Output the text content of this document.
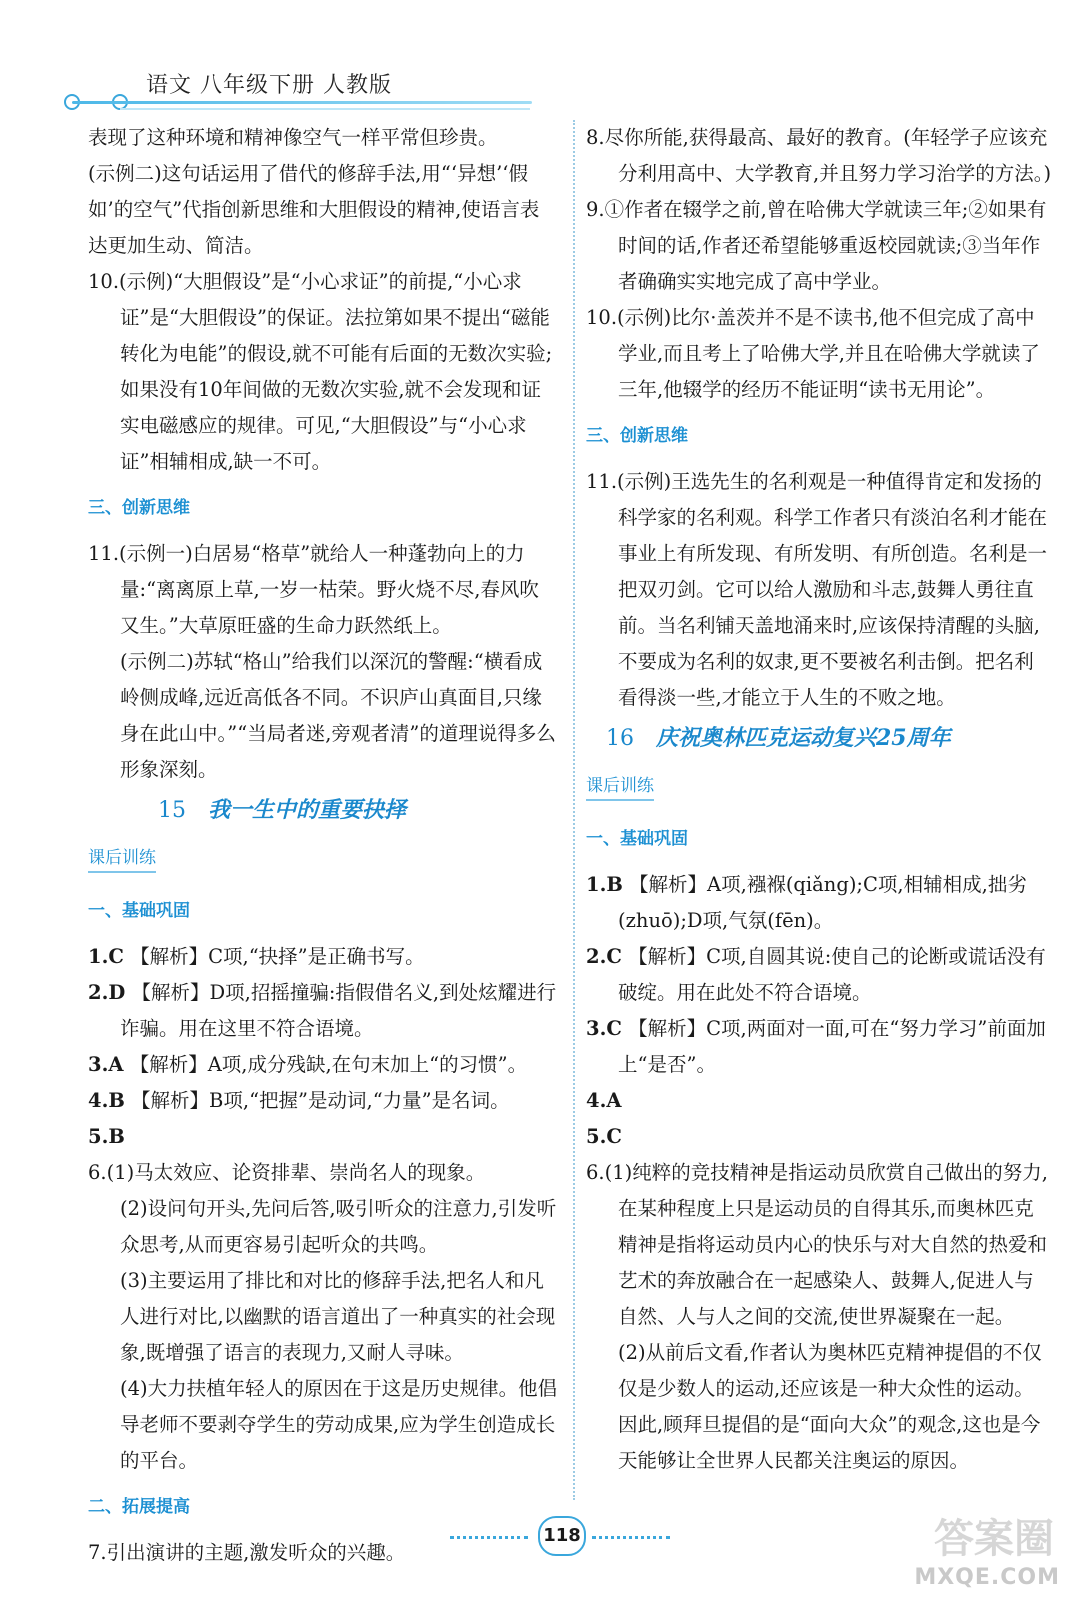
语文 八年级下册 人教版

表现了这种环境和精神像空气一样平常但珍贵。

(示例二)这句话运用了借代的修辞手法,用“‘异想’‘假如’的空气”代指创新思维和大胆假设的精神,使语言表达更加生动、简洁。

10.(示例)“大胆假设”是“小心求证”的前提,“小心求证”是“大胆假设”的保证。法拉第如果不提出“磁能转化为电能”的假设,就不可能有后面的无数次实验;如果没有10年间做的无数次实验,就不会发现和证实电磁感应的规律。可见,“大胆假设”与“小心求证”相辅相成,缺一不可。

三、创新思维

11.(示例一)白居易“格草”就给人一种蓬勃向上的力量:“离离原上草,一岁一枯荣。野火烧不尽,春风吹又生。”大草原旺盛的生命力跃然纸上。

(示例二)苏轼“格山”给我们以深沉的警醒:“横看成岭侧成峰,远近高低各不同。不识庐山真面目,只缘身在此山中。”“当局者迷,旁观者清”的道理说得多么形象深刻。

15 我一生中的重要抉择
课后训练
一、基础巩固

1.C 【解析】C项,“抉择”是正确书写。

2.D 【解析】D项,招摇撞骗:指假借名义,到处炫耀进行诈骗。用在这里不符合语境。

3.A 【解析】A项,成分残缺,在句末加上“的习惯”。

4.B 【解析】B项,“把握”是动词,“力量”是名词。

5.B

6.(1)马太效应、论资排辈、崇尚名人的现象。

(2)设问句开头,先问后答,吸引听众的注意力,引发听众思考,从而更容易引起听众的共鸣。

(3)主要运用了排比和对比的修辞手法,把名人和凡人进行对比,以幽默的语言道出了一种真实的社会现象,既增强了语言的表现力,又耐人寻味。

(4)大力扶植年轻人的原因在于这是历史规律。他倡导老师不要剥夺学生的劳动成果,应为学生创造成长的平台。

二、拓展提高

7.引出演讲的主题,激发听众的兴趣。

8.尽你所能,获得最高、最好的教育。(年轻学子应该充分利用高中、大学教育,并且努力学习治学的方法。)

9.①作者在辍学之前,曾在哈佛大学就读三年;②如果有时间的话,作者还希望能够重返校园就读;③当年作者确确实实地完成了高中学业。

10.(示例)比尔·盖茨并不是不读书,他不但完成了高中学业,而且考上了哈佛大学,并且在哈佛大学就读了三年,他辍学的经历不能证明“读书无用论”。

三、创新思维

11.(示例)王选先生的名利观是一种值得肯定和发扬的科学家的名利观。科学工作者只有淡泊名利才能在事业上有所发现、有所发明、有所创造。名利是一把双刃剑。它可以给人激励和斗志,鼓舞人勇往直前。当名利铺天盖地涌来时,应该保持清醒的头脑,不要成为名利的奴隶,更不要被名利击倒。把名利看得淡一些,才能立于人生的不败之地。

16 庆祝奥林匹克运动复兴25周年
课后训练
一、基础巩固

1.B 【解析】A项,襁褓(qiǎng);C项,相辅相成,拙劣(zhuō);D项,气氛(fēn)。

2.C 【解析】C项,自圆其说:使自己的论断或谎话没有破绽。用在此处不符合语境。

3.C 【解析】C项,两面对一面,可在“努力学习”前面加上“是否”。

4.A

5.C

6.(1)纯粹的竞技精神是指运动员欣赏自己做出的努力,在某种程度上只是运动员的自得其乐,而奥林匹克精神是指将运动员内心的快乐与对大自然的热爱和艺术的奔放融合在一起感染人、鼓舞人,促进人与自然、人与人之间的交流,使世界凝聚在一起。

(2)从前后文看,作者认为奥林匹克精神提倡的不仅仅是少数人的运动,还应该是一种大众性的运动。因此,顾拜旦提倡的是“面向大众”的观念,这也是今天能够让全世界人民都关注奥运的原因。

118	答案圈
MXQE.COM
